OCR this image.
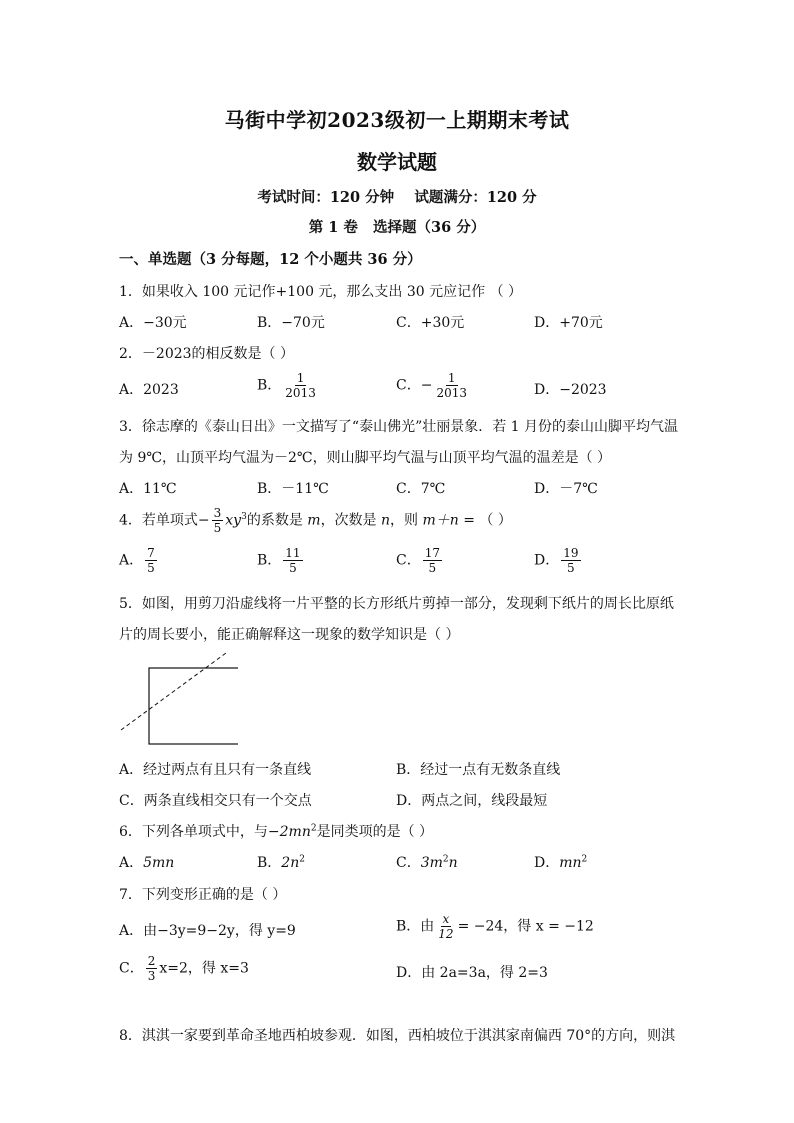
马街中学初2023级初一上期期末考试
数学试题
考试时间：120 分钟    试题满分：120 分
第 1 卷   选择题（36 分）
一、单选题（3 分每题，12 个小题共 36 分）
1．如果收入 100 元记作+100 元，那么支出 30 元应记作 （ ）
A．−30元	B．−70元	C．+30元	D．+70元
2．－2023的相反数是（ ）
A．2023	B． $\frac{1}{2013}$	C．− $\frac{1}{2013}$	D．−2023
3．徐志摩的《泰山日出》一文描写了“泰山佛光”壮丽景象．若 1 月份的泰山山脚平均气温
为 9℃，山顶平均气温为－2℃，则山脚平均气温与山顶平均气温的温差是（ ）
A．11℃	B．－11℃	C．7℃	D．－7℃
4．若单项式− $\frac{3}{5} xy^3$的系数是 m，次数是 n，则 m＋n = （ ）
A． $\frac{7}{5}$	B． $\frac{11}{5}$	C． $\frac{17}{5}$	D． $\frac{19}{5}$
5．如图，用剪刀沿虚线将一片平整的长方形纸片剪掉一部分，发现剩下纸片的周长比原纸
片的周长要小，能正确解释这一现象的数学知识是（ ）
A．经过两点有且只有一条直线	B．经过一点有无数条直线
C．两条直线相交只有一个交点	D．两点之间，线段最短
6．下列各单项式中，与$-2mn^2$是同类项的是（ ）
A．5mn	B．$2n^2$	C．$3m^2n$	D．$mn^2$
7．下列变形正确的是（ ）
A．由−3y=9−2y，得 y=9	B．由 $\frac{x}{12} = -24$，得 x = −12
C． $\frac{2}{3} x=2$，得 x=3	D．由 2a=3a，得 2=3
8．淇淇一家要到革命圣地西柏坡参观．如图，西柏坡位于淇淇家南偏西 70°的方向，则淇
